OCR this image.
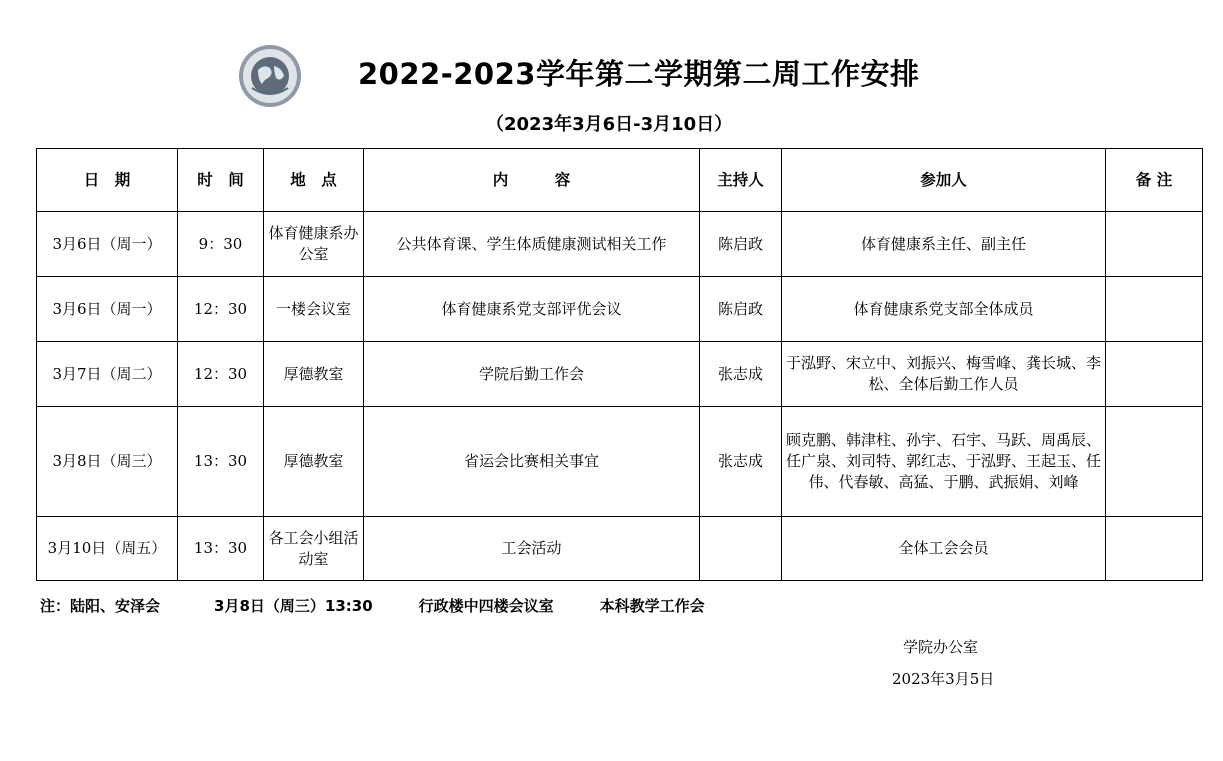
2022-2023学年第二学期第二周工作安排
（2023年3月6日-3月10日）
日　期	时　间	地　点	内　　　容	主持人	参加人	备 注
3月6日（周一）	9：30	体育健康系办公室	公共体育课、学生体质健康测试相关工作	陈启政	体育健康系主任、副主任	
3月6日（周一）	12：30	一楼会议室	体育健康系党支部评优会议	陈启政	体育健康系党支部全体成员	
3月7日（周二）	12：30	厚德教室	学院后勤工作会	张志成	于泓野、宋立中、刘振兴、梅雪峰、龚长城、李松、全体后勤工作人员	
3月8日（周三）	13：30	厚德教室	省运会比赛相关事宜	张志成	顾克鹏、韩津柱、孙宇、石宇、马跃、周禹辰、任广泉、刘司特、郭红志、于泓野、王起玉、任伟、代春敏、高猛、于鹏、武振娟、刘峰	
3月10日（周五）	13：30	各工会小组活动室	工会活动		全体工会会员	
注：陆阳、安泽会	3月8日（周三）13:30	行政楼中四楼会议室	本科教学工作会
学院办公室
2023年3月5日
